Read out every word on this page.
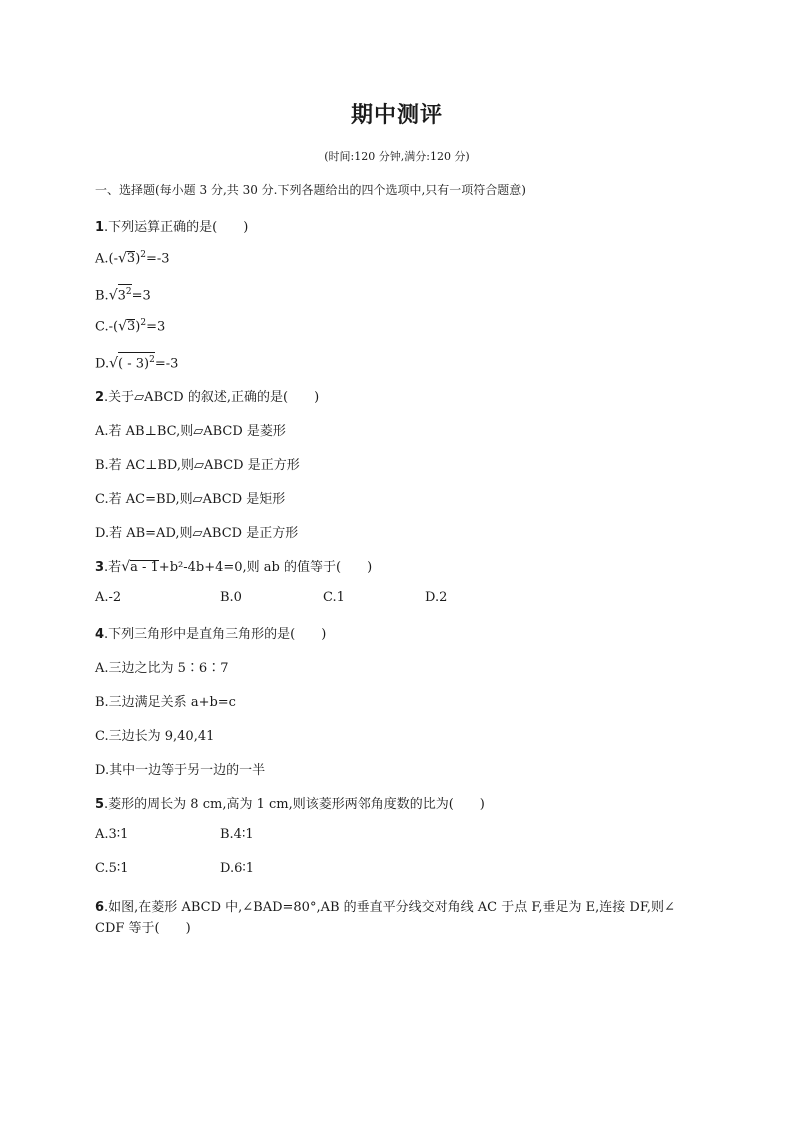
期中测评
(时间:120 分钟,满分:120 分)
一、选择题(每小题 3 分,共 30 分.下列各题给出的四个选项中,只有一项符合题意)
1.下列运算正确的是(　　)
$A.(-√3)^2=-3$
$B.√3^2=3$
$C.-(√3)^2=3$
D.√( - 3)$^2$=-3
2.关于▱ABCD 的叙述,正确的是(　　)
A.若 AB⊥BC,则▱ABCD 是菱形
B.若 AC⊥BD,则▱ABCD 是正方形
C.若 AC=BD,则▱ABCD 是矩形
D.若 AB=AD,则▱ABCD 是正方形
3.若√a - 1+b²-4b+4=0,则 ab 的值等于(　　)
A.-2	B.0	C.1	D.2
4.下列三角形中是直角三角形的是(　　)
A.三边之比为 5∶6∶7
B.三边满足关系 a+b=c
C.三边长为 9,40,41
D.其中一边等于另一边的一半
5.菱形的周长为 8 cm,高为 1 cm,则该菱形两邻角度数的比为(　　)
A.3∶1	B.4∶1
C.5∶1	D.6∶1
6.如图,在菱形 ABCD 中,∠BAD=80°,AB 的垂直平分线交对角线 AC 于点 F,垂足为 E,连接 DF,则∠
CDF 等于(　　)
